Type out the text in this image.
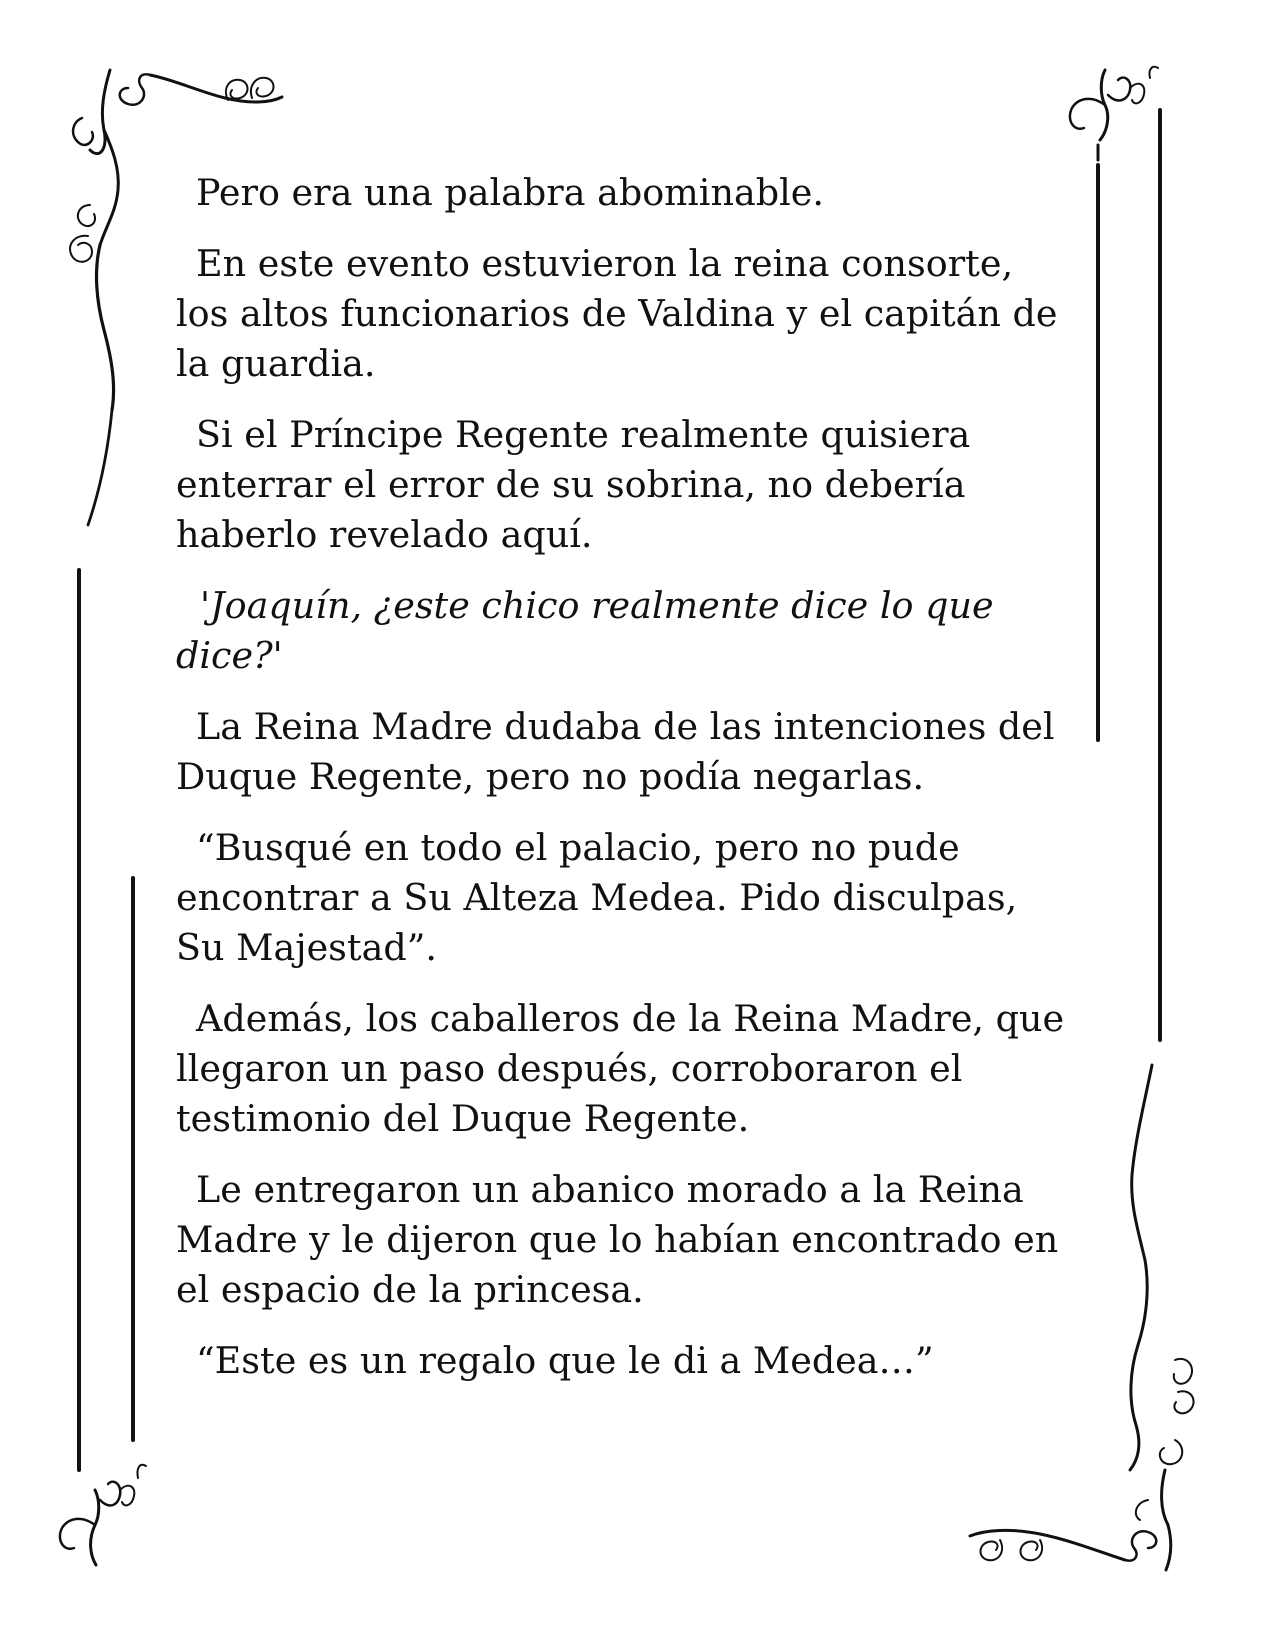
Pero era una palabra abominable.

En este evento estuvieron la reina consorte, los altos funcionarios de Valdina y el capitán de la guardia.

Si el Príncipe Regente realmente quisiera enterrar el error de su sobrina, no debería haberlo revelado aquí.

'Joaquín, ¿este chico realmente dice lo que dice?'

La Reina Madre dudaba de las intenciones del Duque Regente, pero no podía negarlas.

“Busqué en todo el palacio, pero no pude encontrar a Su Alteza Medea. Pido disculpas, Su Majestad”.

Además, los caballeros de la Reina Madre, que llegaron un paso después, corroboraron el testimonio del Duque Regente.

Le entregaron un abanico morado a la Reina Madre y le dijeron que lo habían encontrado en el espacio de la princesa.

“Este es un regalo que le di a Medea…”
